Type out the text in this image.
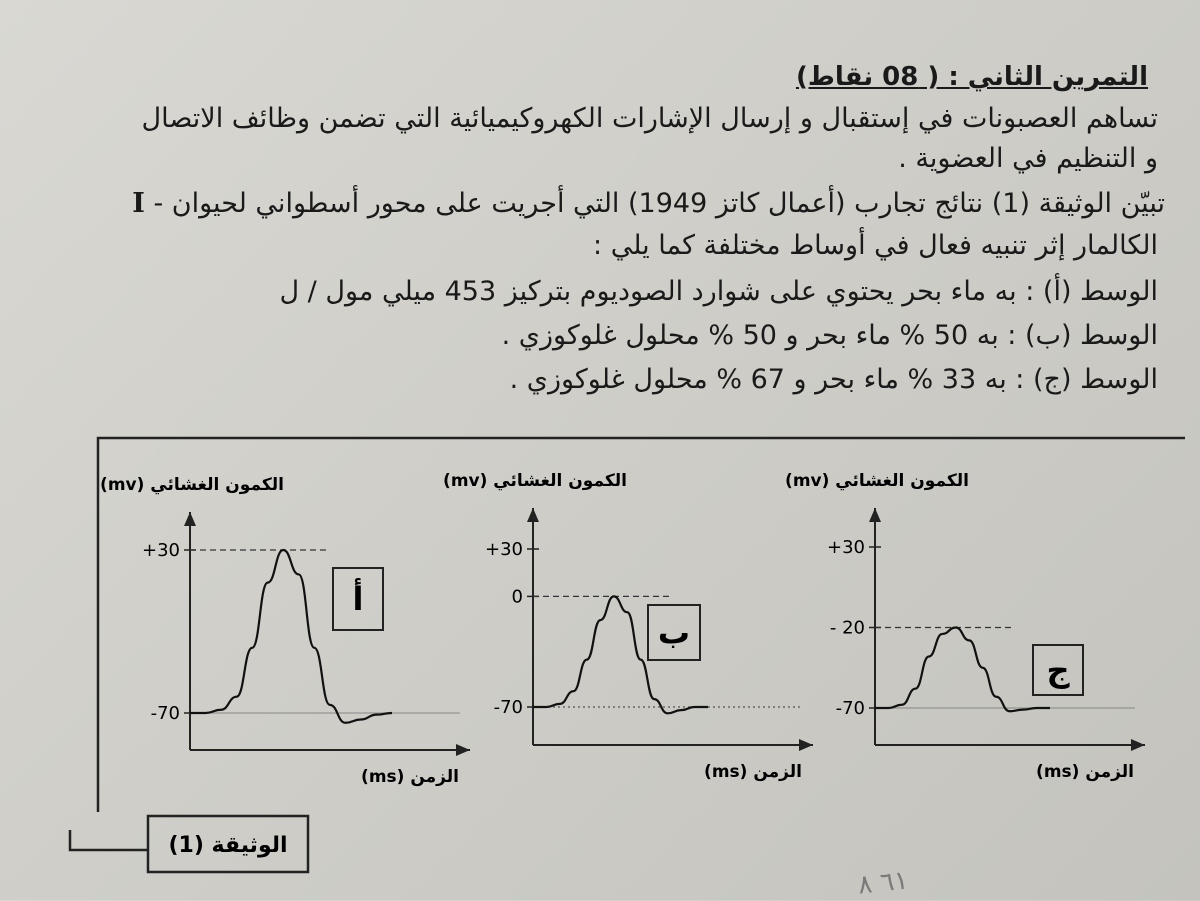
التمرين الثاني : ( 08 نقاط)
تساهم العصبونات في إستقبال و إرسال الإشارات الكهروكيميائية التي تضمن وظائف الاتصال
و التنظيم في العضوية .
I - تبيّن الوثيقة (1) نتائج تجارب (أعمال كاتز 1949) التي أجريت على محور أسطواني لحيوان
الكالمار إثر تنبيه فعال في أوساط مختلفة كما يلي :
الوسط (أ) : به ماء بحر يحتوي على شوارد الصوديوم بتركيز 453 ميلي مول / ل
الوسط (ب) : به 50 % ماء بحر و 50 % محلول غلوكوزي .
الوسط (ج) : به 33 % ماء بحر و 67 % محلول غلوكوزي .
الوثيقة (1)
الكمون الغشائي (mv)
الزمن (ms)
+30
-70
أ
الكمون الغشائي (mv)
الزمن (ms)
+30
0
-70
ب
الكمون الغشائي (mv)
الزمن (ms)
+30
- 20
-70
ج
٦١ ٨
